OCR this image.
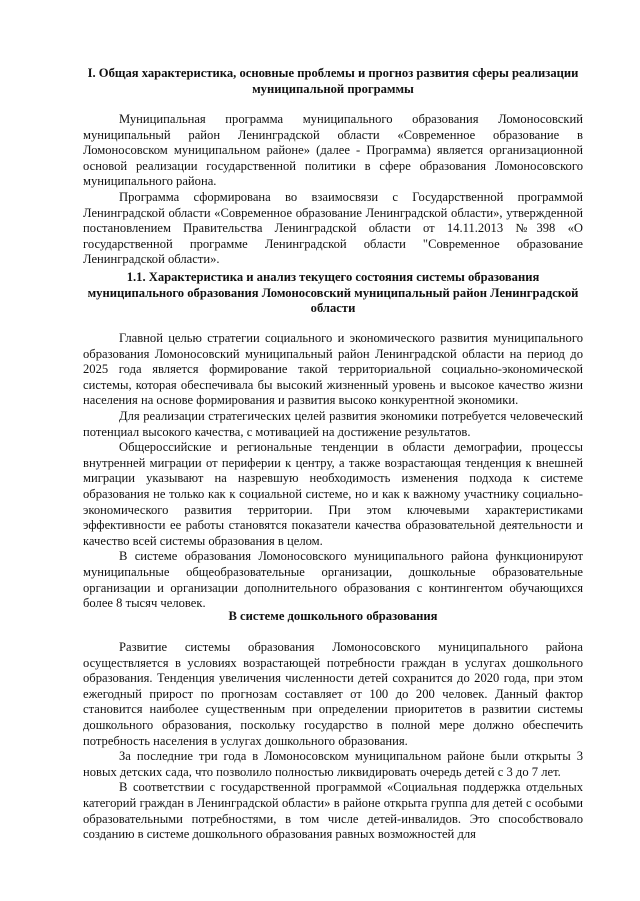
I. Общая характеристика, основные проблемы и прогноз развития сферы реализации муниципальной программы

Муниципальная программа муниципального образования Ломоносовский муниципальный район Ленинградской области «Современное образование в Ломоносовском муниципальном районе» (далее - Программа) является организационной основой реализации государственной политики в сфере образования Ломоносовского муниципального района.

Программа сформирована во взаимосвязи с Государственной программой Ленинградской области «Современное образование Ленинградской области», утвержденной постановлением Правительства Ленинградской области от 14.11.2013 №398 «О государственной программе Ленинградской области "Современное образование Ленинградской области».

1.1. Характеристика и анализ текущего состояния системы образования муниципального образования Ломоносовский муниципальный район Ленинградской области

Главной целью стратегии социального и экономического развития муниципального образования Ломоносовский муниципальный район Ленинградской области на период до 2025 года является формирование такой территориальной социально-экономической системы, которая обеспечивала бы высокий жизненный уровень и высокое качество жизни населения на основе формирования и развития высоко конкурентной экономики.

Для реализации стратегических целей развития экономики потребуется человеческий потенциал высокого качества, с мотивацией на достижение результатов.

Общероссийские и региональные тенденции в области демографии, процессы внутренней миграции от периферии к центру, а также возрастающая тенденция к внешней миграции указывают на назревшую необходимость изменения подхода к системе образования не только как к социальной системе, но и как к важному участнику социально-экономического развития территории. При этом ключевыми характеристиками эффективности ее работы становятся показатели качества образовательной деятельности и качество всей системы образования в целом.

В системе образования Ломоносовского муниципального района функционируют муниципальные общеобразовательные организации, дошкольные образовательные организации и организации дополнительного образования с контингентом обучающихся более 8 тысяч человек.

В системе дошкольного образования

Развитие системы образования Ломоносовского муниципального района осуществляется в условиях возрастающей потребности граждан в услугах дошкольного образования. Тенденция увеличения численности детей сохранится до 2020 года, при этом ежегодный прирост по прогнозам составляет от 100 до 200 человек. Данный фактор становится наиболее существенным при определении приоритетов в развитии системы дошкольного образования, поскольку государство в полной мере должно обеспечить потребность населения в услугах дошкольного образования.

За последние три года в Ломоносовском муниципальном районе были открыты 3 новых детских сада, что позволило полностью ликвидировать очередь детей с 3 до 7 лет.

В соответствии с государственной программой «Социальная поддержка отдельных категорий граждан в Ленинградской области» в районе открыта группа для детей с особыми образовательными потребностями, в том числе детей-инвалидов. Это способствовало созданию в системе дошкольного образования равных возможностей для
